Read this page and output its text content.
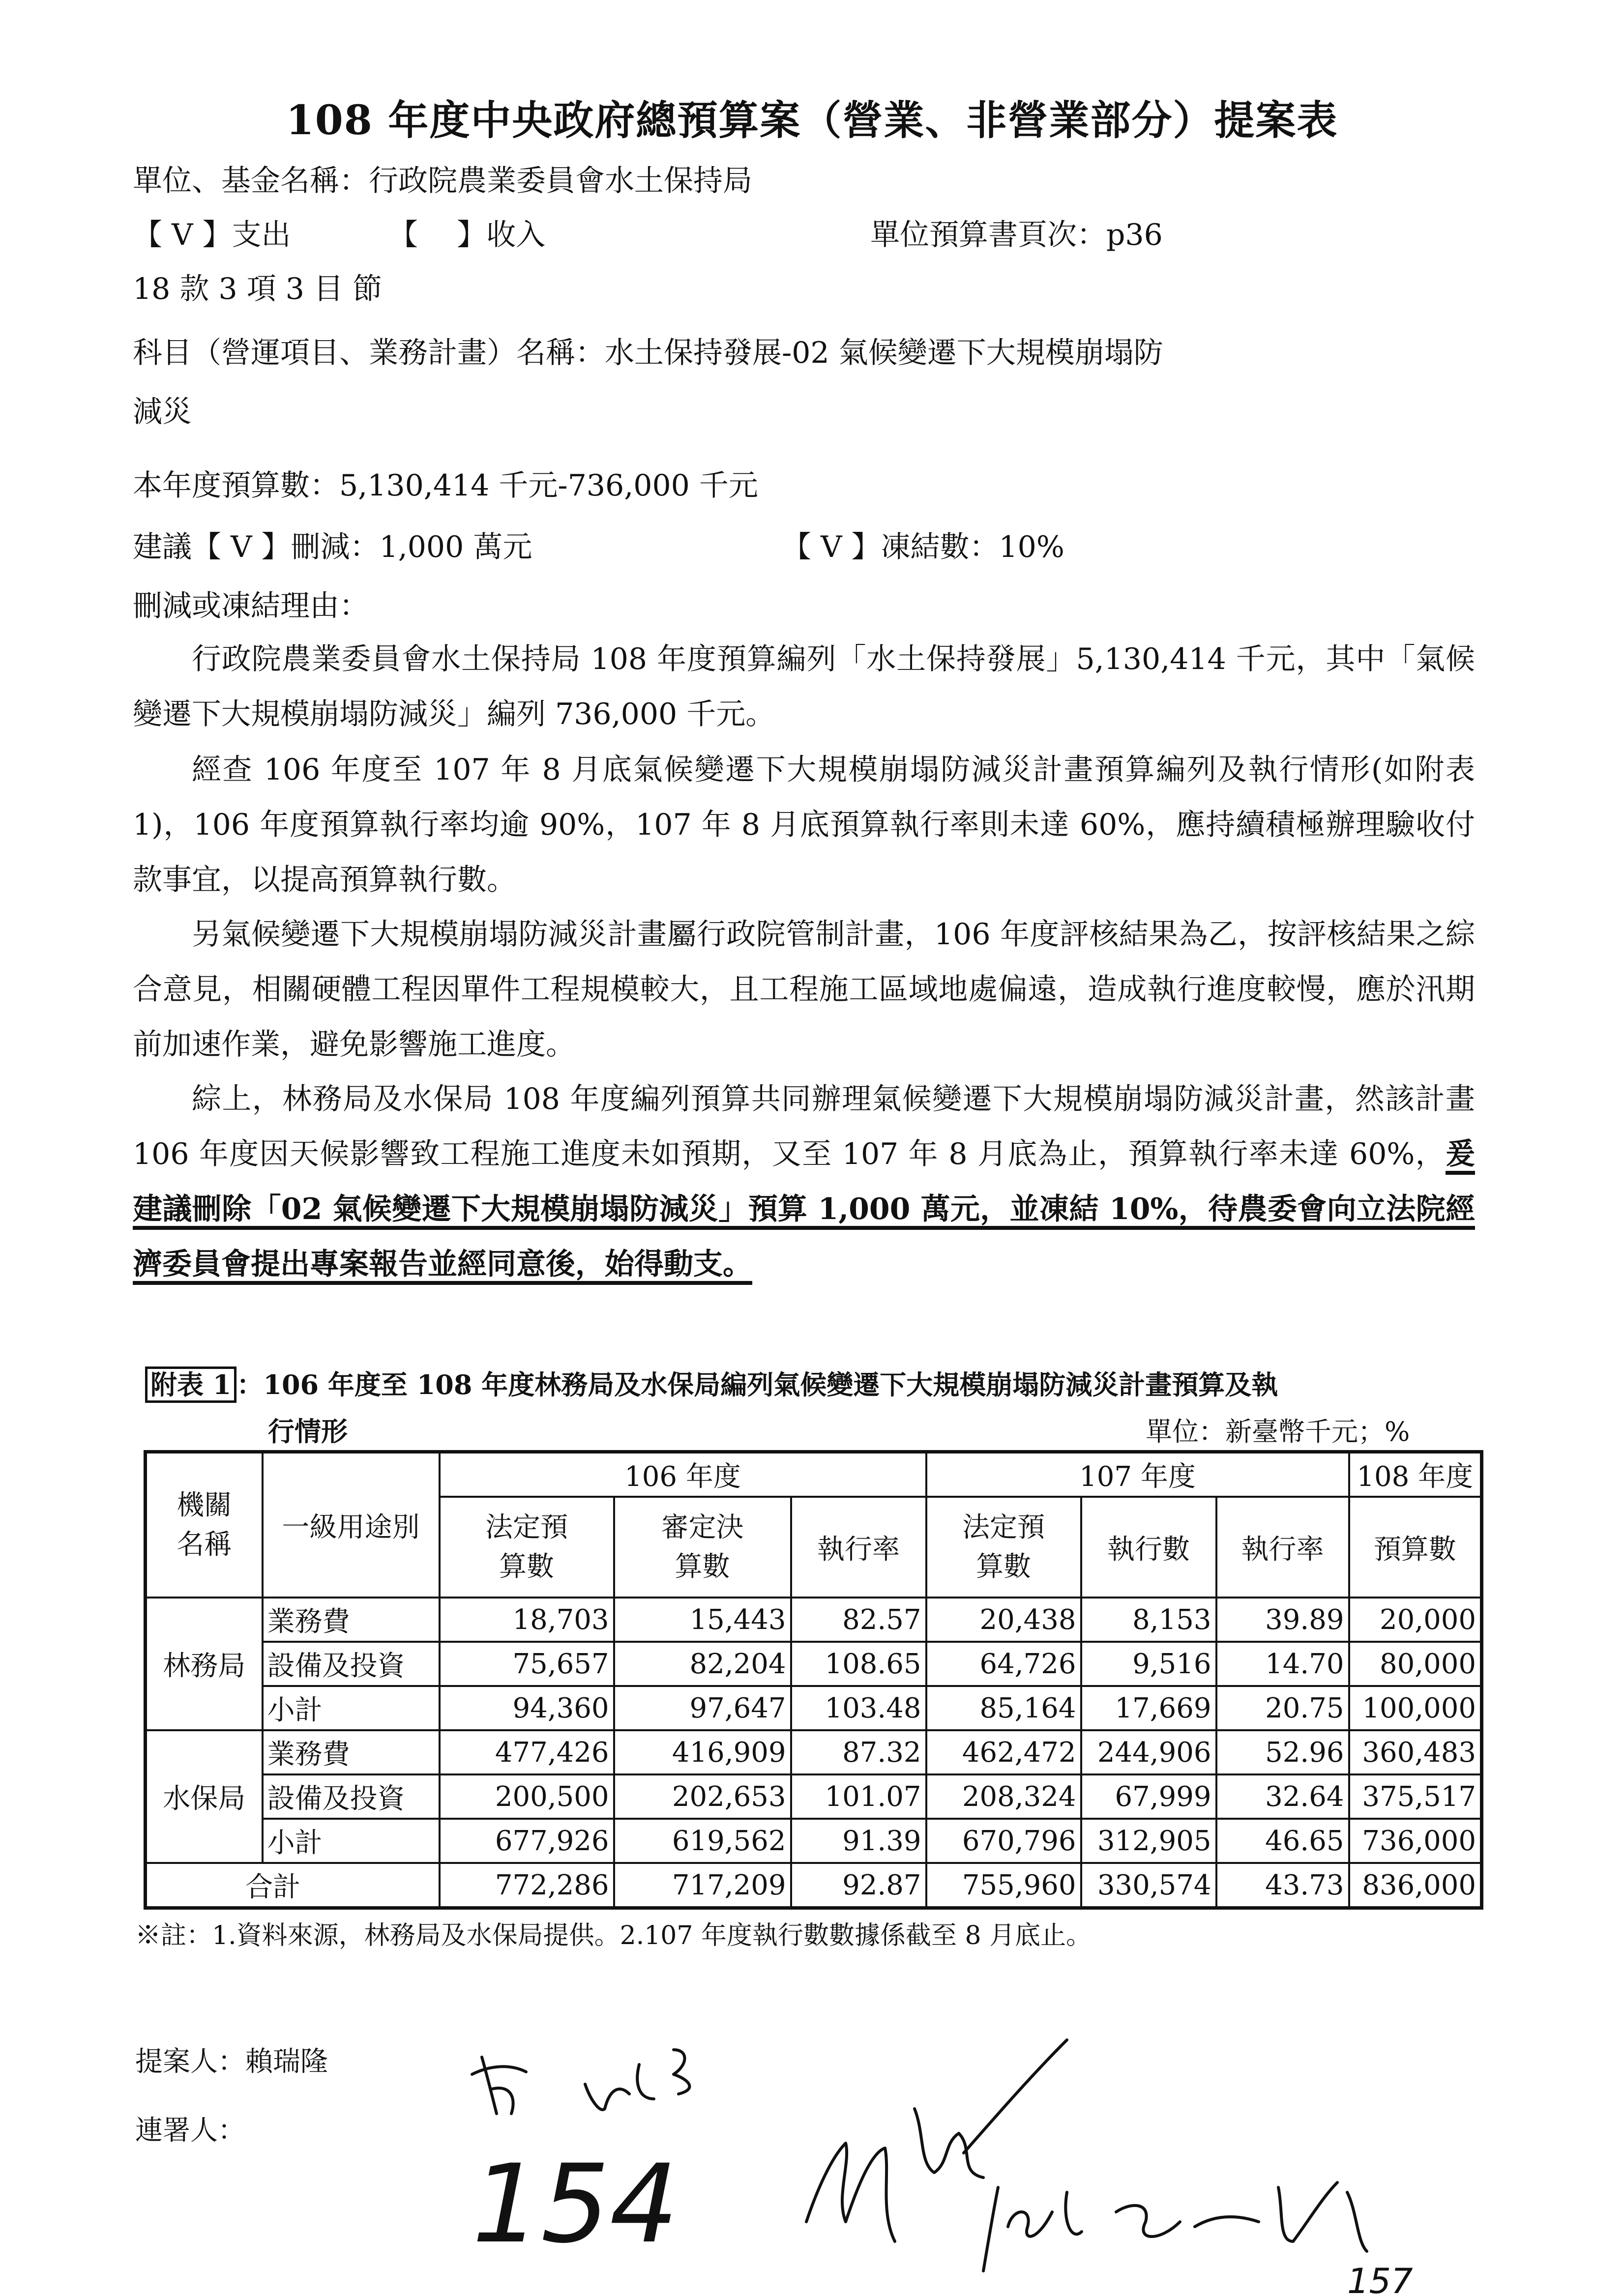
108 年度中央政府總預算案（營業、非營業部分）提案表
單位、基金名稱：行政院農業委員會水土保持局
【 V 】支出	【　 】收入	單位預算書頁次：p36
18 款 3 項 3 目 節
科目（營運項目、業務計畫）名稱：水土保持發展-02 氣候變遷下大規模崩塌防
減災
本年度預算數：5,130,414 千元-736,000 千元
建議【 V 】刪減：1,000 萬元	【 V 】凍結數：10%
刪減或凍結理由：
行政院農業委員會水土保持局 108 年度預算編列「水土保持發展」5,130,414 千元，其中「氣候變遷下大規模崩塌防減災」編列 736,000 千元。
經查 106 年度至 107 年 8 月底氣候變遷下大規模崩塌防減災計畫預算編列及執行情形(如附表 1)，106 年度預算執行率均逾 90%，107 年 8 月底預算執行率則未達 60%，應持續積極辦理驗收付款事宜，以提高預算執行數。
另氣候變遷下大規模崩塌防減災計畫屬行政院管制計畫，106 年度評核結果為乙，按評核結果之綜合意見，相關硬體工程因單件工程規模較大，且工程施工區域地處偏遠，造成執行進度較慢，應於汛期前加速作業，避免影響施工進度。
綜上，林務局及水保局 108 年度編列預算共同辦理氣候變遷下大規模崩塌防減災計畫，然該計畫 106 年度因天候影響致工程施工進度未如預期，又至 107 年 8 月底為止，預算執行率未達 60%，爰建議刪除「02 氣候變遷下大規模崩塌防減災」預算 1,000 萬元，並凍結 10%，待農委會向立法院經濟委員會提出專案報告並經同意後，始得動支。
附表 1 ：106 年度至 108 年度林務局及水保局編列氣候變遷下大規模崩塌防減災計畫預算及執
行情形	單位：新臺幣千元；%
機關名稱	一級用途別	106 年度			107 年度			108 年度
		法定預算數	審定決算數	執行率	法定預算數	執行數	執行率	預算數
林務局	業務費	18,703	15,443	82.57	20,438	8,153	39.89	20,000
	設備及投資	75,657	82,204	108.65	64,726	9,516	14.70	80,000
	小計	94,360	97,647	103.48	85,164	17,669	20.75	100,000
水保局	業務費	477,426	416,909	87.32	462,472	244,906	52.96	360,483
	設備及投資	200,500	202,653	101.07	208,324	67,999	32.64	375,517
	小計	677,926	619,562	91.39	670,796	312,905	46.65	736,000
合計		772,286	717,209	92.87	755,960	330,574	43.73	836,000
※註：1.資料來源，林務局及水保局提供。2.107 年度執行數數據係截至 8 月底止。
提案人：賴瑞隆
連署人：
154
157
